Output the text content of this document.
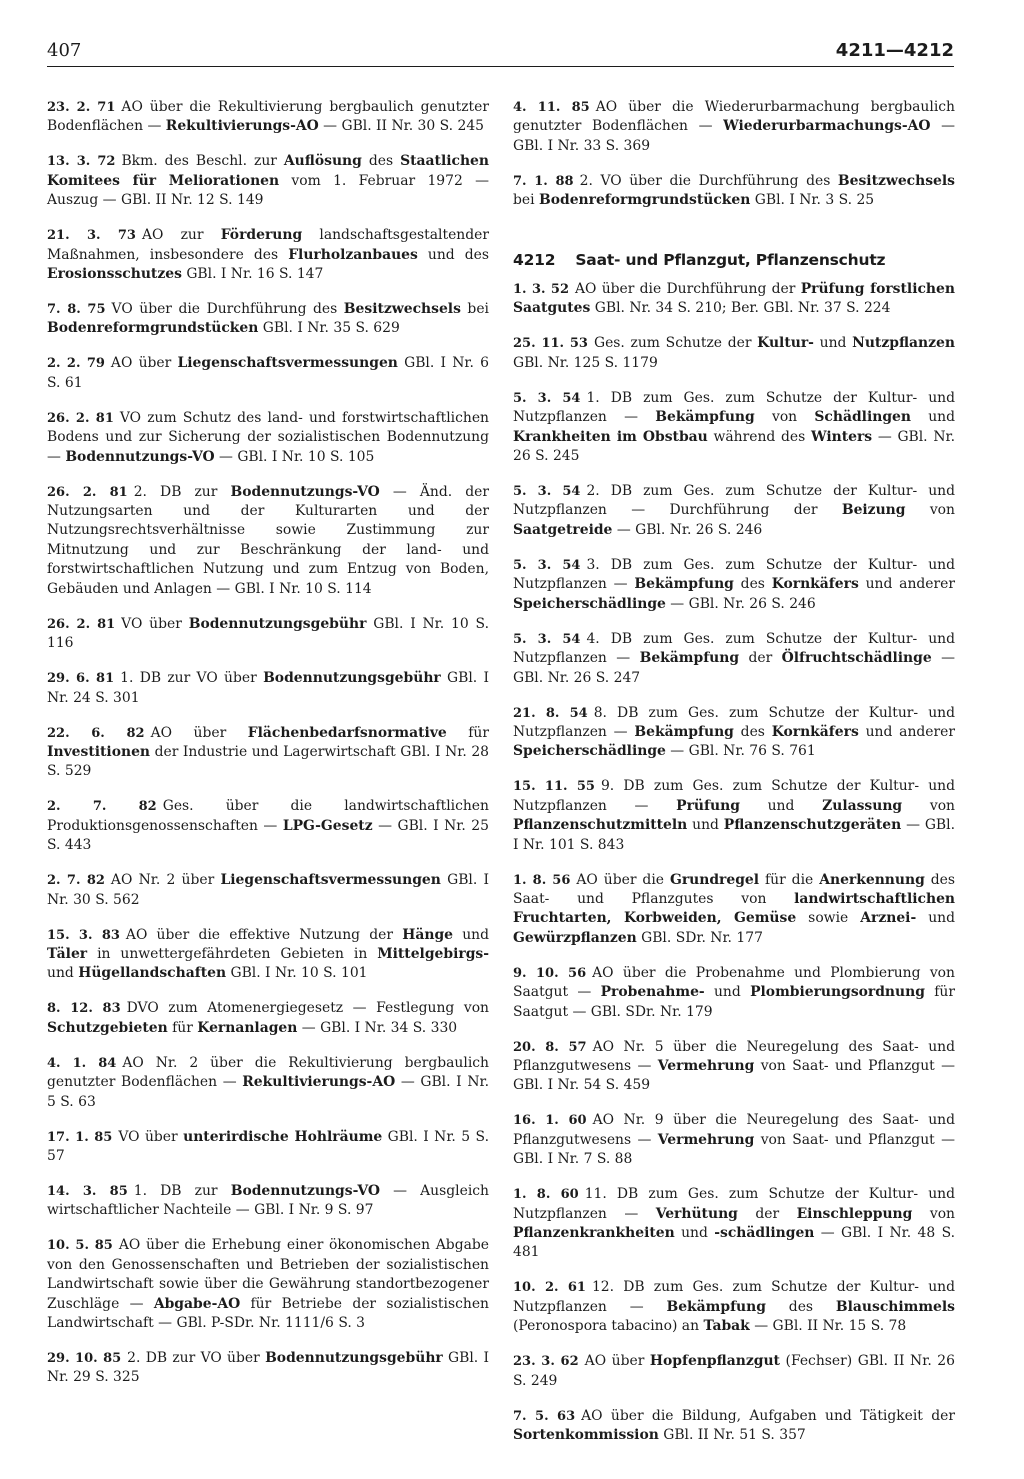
407	4211—4212

23. 2. 71 AO über die Rekultivierung bergbaulich genutzter Bodenflächen — Rekultivierungs-AO — GBl. II Nr. 30 S. 245

13. 3. 72 Bkm. des Beschl. zur Auflösung des Staatlichen Komitees für Meliorationen vom 1. Februar 1972 — Auszug — GBl. II Nr. 12 S. 149

21. 3. 73 AO zur Förderung landschaftsgestaltender Maßnahmen, insbesondere des Flurholzanbaues und des Erosionsschutzes GBl. I Nr. 16 S. 147

7. 8. 75 VO über die Durchführung des Besitzwechsels bei Bodenreformgrundstücken GBl. I Nr. 35 S. 629

2. 2. 79 AO über Liegenschaftsvermessungen GBl. I Nr. 6 S. 61

26. 2. 81 VO zum Schutz des land- und forstwirtschaftlichen Bodens und zur Sicherung der sozialistischen Bodennutzung — Bodennutzungs-VO — GBl. I Nr. 10 S. 105

26. 2. 81 2. DB zur Bodennutzungs-VO — Änd. der Nutzungsarten und der Kulturarten und der Nutzungsrechtsverhältnisse sowie Zustimmung zur Mitnutzung und zur Beschränkung der land- und forstwirtschaftlichen Nutzung und zum Entzug von Boden, Gebäuden und Anlagen — GBl. I Nr. 10 S. 114

26. 2. 81 VO über Bodennutzungsgebühr GBl. I Nr. 10 S. 116

29. 6. 81 1. DB zur VO über Bodennutzungsgebühr GBl. I Nr. 24 S. 301

22. 6. 82 AO über Flächenbedarfsnormative für Investitionen der Industrie und Lagerwirtschaft GBl. I Nr. 28 S. 529

2. 7. 82 Ges. über die landwirtschaftlichen Produktionsgenossenschaften — LPG-Gesetz — GBl. I Nr. 25 S. 443

2. 7. 82 AO Nr. 2 über Liegenschaftsvermessungen GBl. I Nr. 30 S. 562

15. 3. 83 AO über die effektive Nutzung der Hänge und Täler in unwettergefährdeten Gebieten in Mittelgebirgs- und Hügellandschaften GBl. I Nr. 10 S. 101

8. 12. 83 DVO zum Atomenergiegesetz — Festlegung von Schutzgebieten für Kernanlagen — GBl. I Nr. 34 S. 330

4. 1. 84 AO Nr. 2 über die Rekultivierung bergbaulich genutzter Bodenflächen — Rekultivierungs-AO — GBl. I Nr. 5 S. 63

17. 1. 85 VO über unterirdische Hohlräume GBl. I Nr. 5 S. 57

14. 3. 85 1. DB zur Bodennutzungs-VO — Ausgleich wirtschaftlicher Nachteile — GBl. I Nr. 9 S. 97

10. 5. 85 AO über die Erhebung einer ökonomischen Abgabe von den Genossenschaften und Betrieben der sozialistischen Landwirtschaft sowie über die Gewährung standortbezogener Zuschläge — Abgabe-AO für Betriebe der sozialistischen Landwirtschaft — GBl. P-SDr. Nr. 1111/6 S. 3

29. 10. 85 2. DB zur VO über Bodennutzungsgebühr GBl. I Nr. 29 S. 325

4. 11. 85 AO über die Wiederurbarmachung bergbaulich genutzter Bodenflächen — Wiederurbarmachungs-AO — GBl. I Nr. 33 S. 369

7. 1. 88 2. VO über die Durchführung des Besitzwechsels bei Bodenreformgrundstücken GBl. I Nr. 3 S. 25

4212 Saat- und Pflanzgut, Pflanzenschutz

1. 3. 52 AO über die Durchführung der Prüfung forstlichen Saatgutes GBl. Nr. 34 S. 210; Ber. GBl. Nr. 37 S. 224

25. 11. 53 Ges. zum Schutze der Kultur- und Nutzpflanzen GBl. Nr. 125 S. 1179

5. 3. 54 1. DB zum Ges. zum Schutze der Kultur- und Nutzpflanzen — Bekämpfung von Schädlingen und Krankheiten im Obstbau während des Winters — GBl. Nr. 26 S. 245

5. 3. 54 2. DB zum Ges. zum Schutze der Kultur- und Nutzpflanzen — Durchführung der Beizung von Saatgetreide — GBl. Nr. 26 S. 246

5. 3. 54 3. DB zum Ges. zum Schutze der Kultur- und Nutzpflanzen — Bekämpfung des Kornkäfers und anderer Speicherschädlinge — GBl. Nr. 26 S. 246

5. 3. 54 4. DB zum Ges. zum Schutze der Kultur- und Nutzpflanzen — Bekämpfung der Ölfruchtschädlinge — GBl. Nr. 26 S. 247

21. 8. 54 8. DB zum Ges. zum Schutze der Kultur- und Nutzpflanzen — Bekämpfung des Kornkäfers und anderer Speicherschädlinge — GBl. Nr. 76 S. 761

15. 11. 55 9. DB zum Ges. zum Schutze der Kultur- und Nutzpflanzen — Prüfung und Zulassung von Pflanzenschutzmitteln und Pflanzenschutzgeräten — GBl. I Nr. 101 S. 843

1. 8. 56 AO über die Grundregel für die Anerkennung des Saat- und Pflanzgutes von landwirtschaftlichen Fruchtarten, Korbweiden, Gemüse sowie Arznei- und Gewürzpflanzen GBl. SDr. Nr. 177

9. 10. 56 AO über die Probenahme und Plombierung von Saatgut — Probenahme- und Plombierungsordnung für Saatgut — GBl. SDr. Nr. 179

20. 8. 57 AO Nr. 5 über die Neuregelung des Saat- und Pflanzgutwesens — Vermehrung von Saat- und Pflanzgut — GBl. I Nr. 54 S. 459

16. 1. 60 AO Nr. 9 über die Neuregelung des Saat- und Pflanzgutwesens — Vermehrung von Saat- und Pflanzgut — GBl. I Nr. 7 S. 88

1. 8. 60 11. DB zum Ges. zum Schutze der Kultur- und Nutzpflanzen — Verhütung der Einschleppung von Pflanzenkrankheiten und -schädlingen — GBl. I Nr. 48 S. 481

10. 2. 61 12. DB zum Ges. zum Schutze der Kultur- und Nutzpflanzen — Bekämpfung des Blauschimmels (Peronospora tabacino) an Tabak — GBl. II Nr. 15 S. 78

23. 3. 62 AO über Hopfenpflanzgut (Fechser) GBl. II Nr. 26 S. 249

7. 5. 63 AO über die Bildung, Aufgaben und Tätigkeit der Sortenkommission GBl. II Nr. 51 S. 357
